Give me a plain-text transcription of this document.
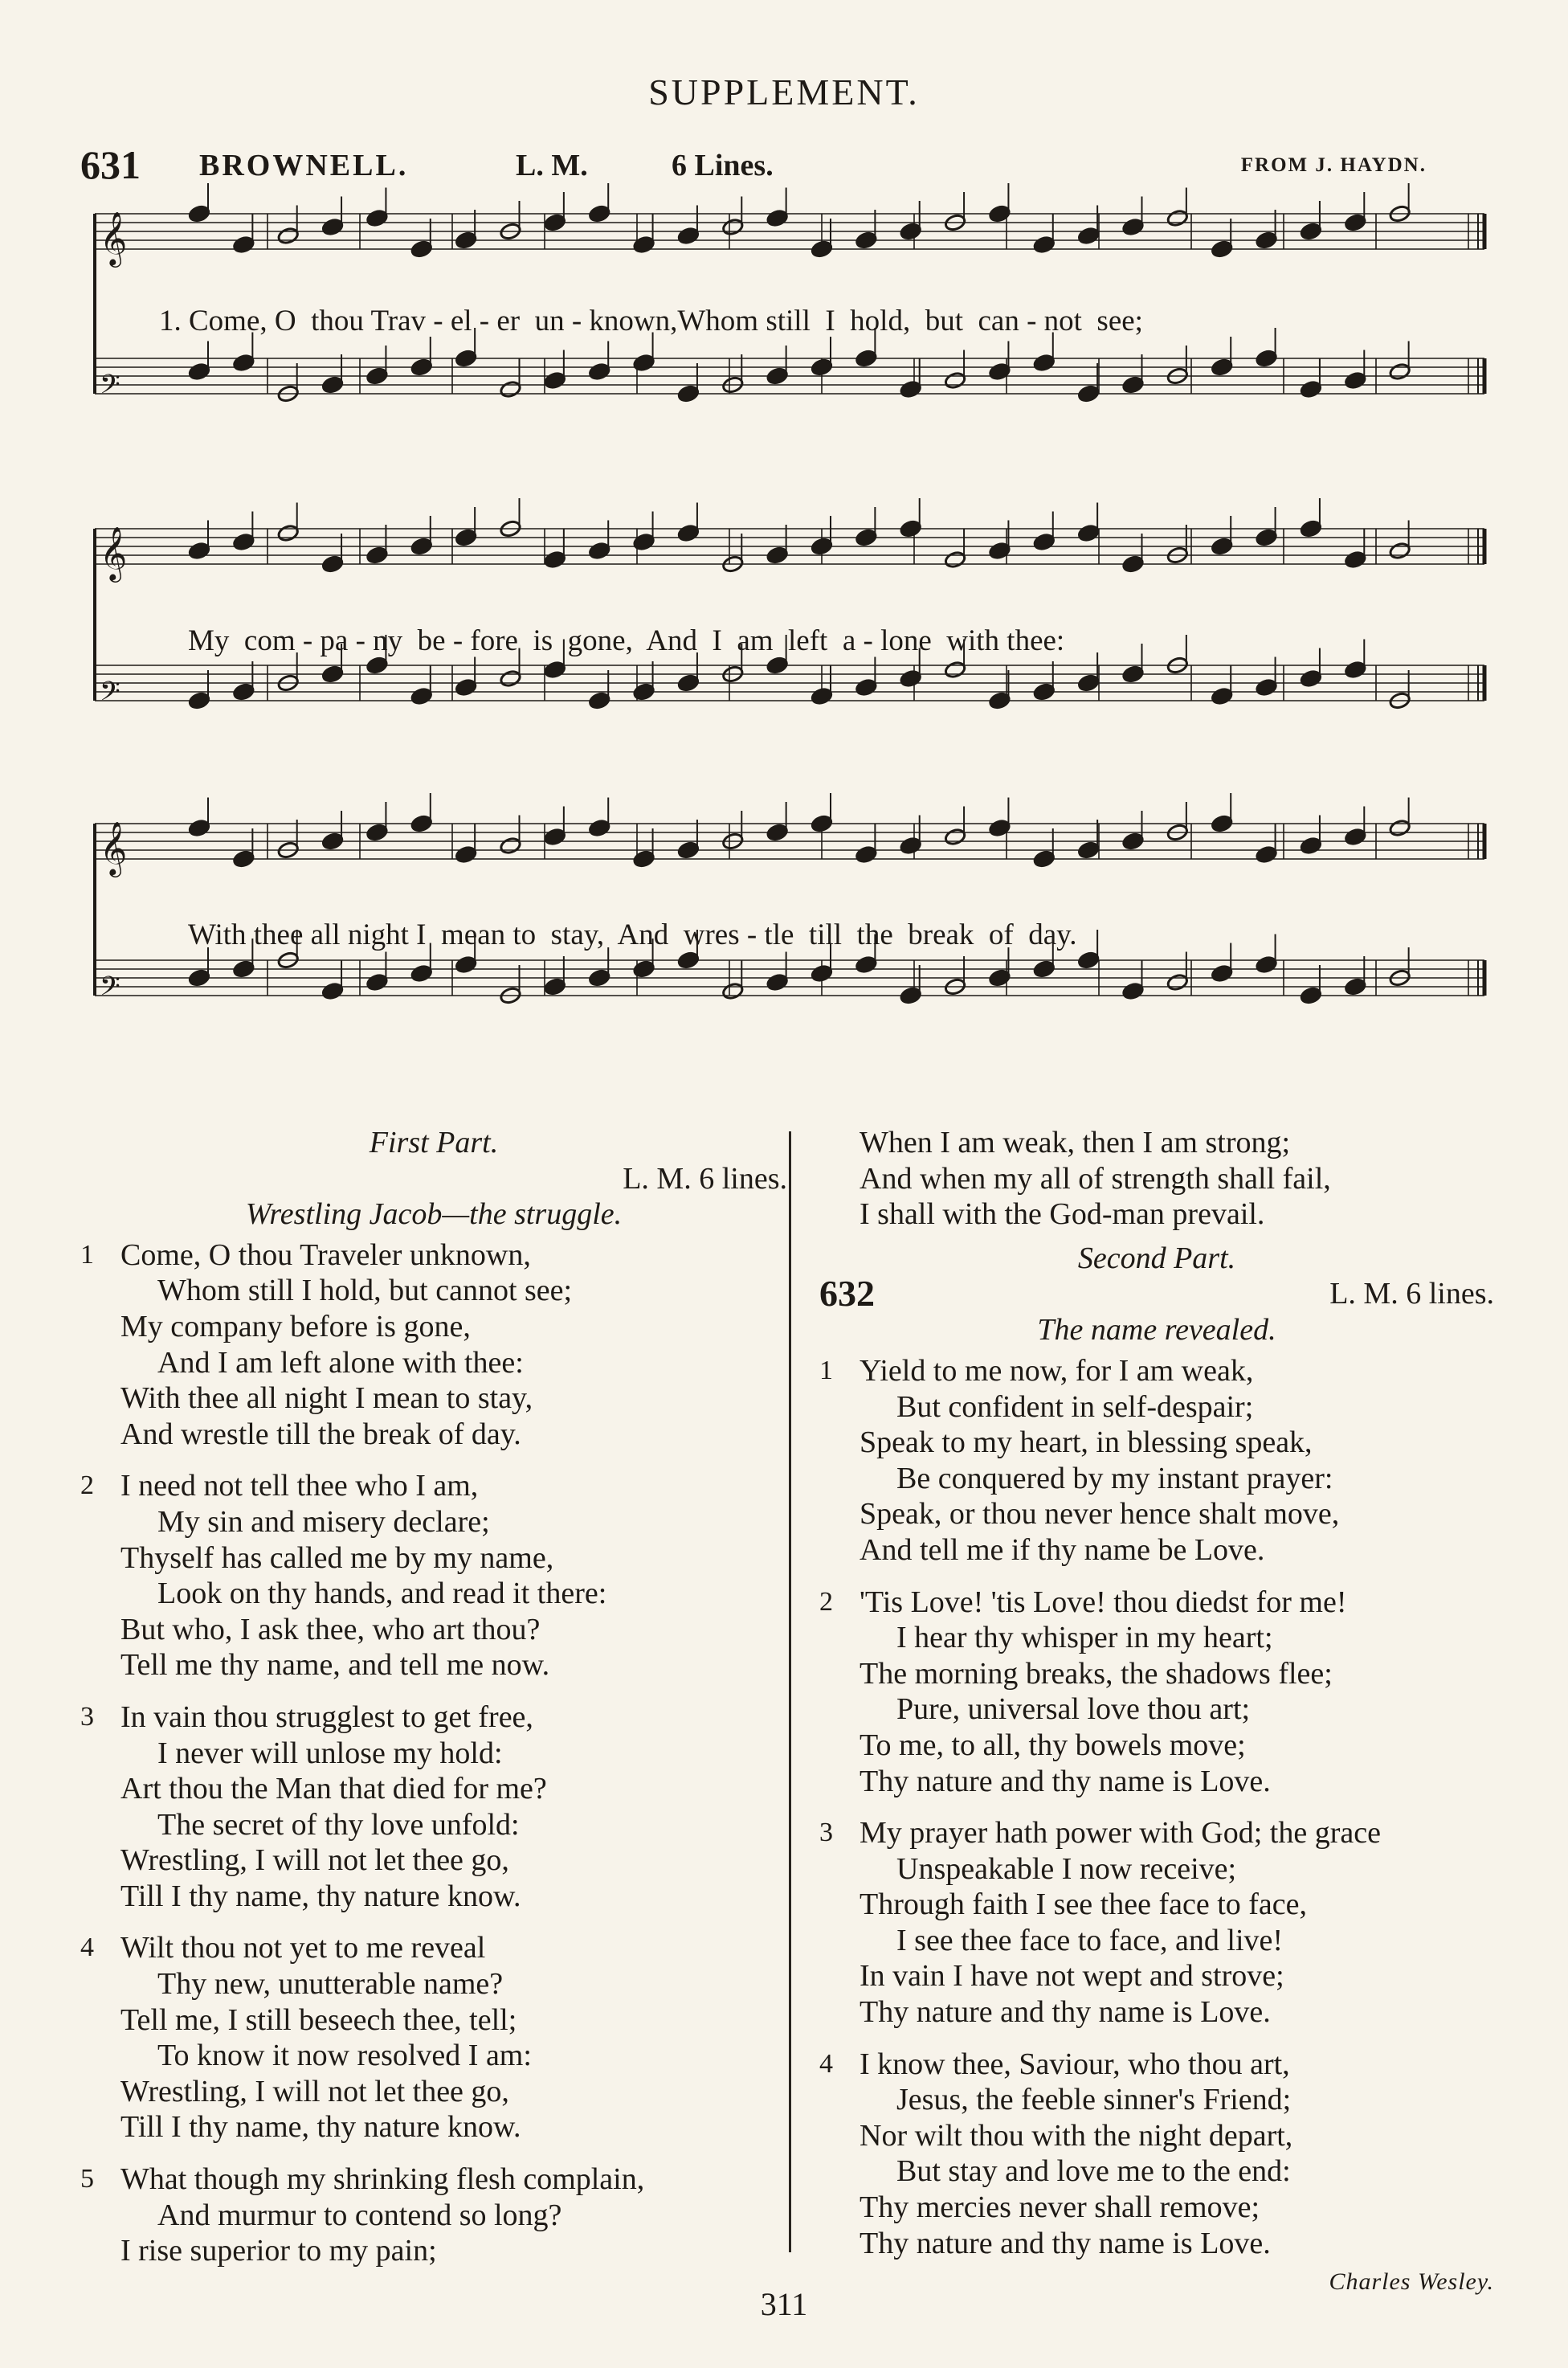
SUPPLEMENT.
631 BROWNELL.	L. M.	6 Lines.	FROM J. HAYDN.
𝄞
𝄢
𝄞
𝄢
𝄞
𝄢
1. Come, O  thou Trav - el - er  un - known,Whom still  I  hold,  but  can - not  see;
My  com - pa - ny  be - fore  is  gone,  And  I  am  left  a - lone  with thee:
With thee all night I  mean to  stay,  And  wres - tle  till  the  break  of  day.
First Part.
L. M. 6 lines.
Wrestling Jacob—the struggle.
1 Come, O thou Traveler unknown,
Whom still I hold, but cannot see;
My company before is gone,
And I am left alone with thee:
With thee all night I mean to stay,
And wrestle till the break of day.
2 I need not tell thee who I am,
My sin and misery declare;
Thyself has called me by my name,
Look on thy hands, and read it there:
But who, I ask thee, who art thou?
Tell me thy name, and tell me now.
3 In vain thou strugglest to get free,
I never will unlose my hold:
Art thou the Man that died for me?
The secret of thy love unfold:
Wrestling, I will not let thee go,
Till I thy name, thy nature know.
4 Wilt thou not yet to me reveal
Thy new, unutterable name?
Tell me, I still beseech thee, tell;
To know it now resolved I am:
Wrestling, I will not let thee go,
Till I thy name, thy nature know.
5 What though my shrinking flesh complain,
And murmur to contend so long?
I rise superior to my pain;
When I am weak, then I am strong;
And when my all of strength shall fail,
I shall with the God-man prevail.
Second Part.
632	L. M. 6 lines.
The name revealed.
1 Yield to me now, for I am weak,
But confident in self-despair;
Speak to my heart, in blessing speak,
Be conquered by my instant prayer:
Speak, or thou never hence shalt move,
And tell me if thy name be Love.
2 'Tis Love! 'tis Love! thou diedst for me!
I hear thy whisper in my heart;
The morning breaks, the shadows flee;
Pure, universal love thou art;
To me, to all, thy bowels move;
Thy nature and thy name is Love.
3 My prayer hath power with God; the grace
Unspeakable I now receive;
Through faith I see thee face to face,
I see thee face to face, and live!
In vain I have not wept and strove;
Thy nature and thy name is Love.
4 I know thee, Saviour, who thou art,
Jesus, the feeble sinner's Friend;
Nor wilt thou with the night depart,
But stay and love me to the end:
Thy mercies never shall remove;
Thy nature and thy name is Love.
Charles Wesley.
311
